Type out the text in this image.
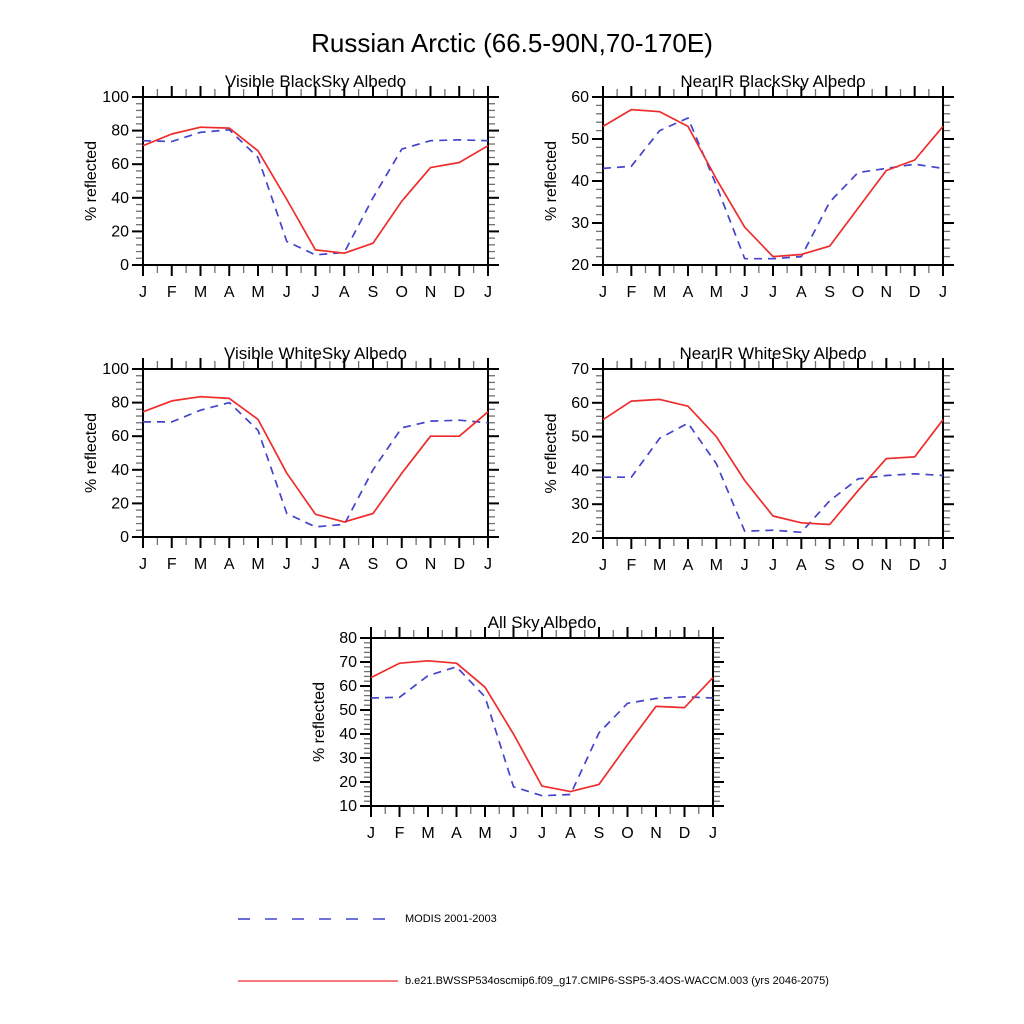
Russian Arctic (66.5-90N,70-170E)
0
20
40
60
80
100
J F M A M J J A S O N D J
Visible BlackSky Albedo
% reflected
20
30
40
50
60
J F M A M J J A S O N D J
NearIR BlackSky Albedo
% reflected
0
20
40
60
80
100
J F M A M J J A S O N D J
Visible WhiteSky Albedo
% reflected
20
30
40
50
60
70
J F M A M J J A S O N D J
NearIR WhiteSky Albedo
% reflected
10
20
30
40
50
60
70
80
J F M A M J J A S O N D J
All Sky Albedo
% reflected
MODIS 2001-2003
b.e21.BWSSP534oscmip6.f09_g17.CMIP6-SSP5-3.4OS-WACCM.003 (yrs 2046-2075)
